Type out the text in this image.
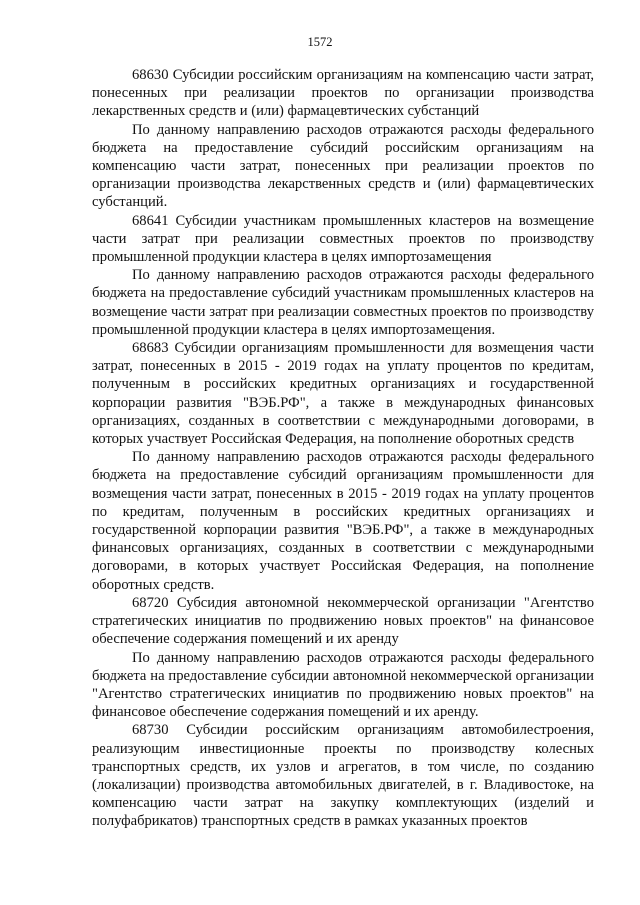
1572

68630 Субсидии российским организациям на компенсацию части затрат, понесенных при реализации проектов по организации производства лекарственных средств и (или) фармацевтических субстанций

По данному направлению расходов отражаются расходы федерального бюджета на предоставление субсидий российским организациям на компенсацию части затрат, понесенных при реализации проектов по организации производства лекарственных средств и (или) фармацевтических субстанций.

68641 Субсидии участникам промышленных кластеров на возмещение части затрат при реализации совместных проектов по производству промышленной продукции кластера в целях импортозамещения

По данному направлению расходов отражаются расходы федерального бюджета на предоставление субсидий участникам промышленных кластеров на возмещение части затрат при реализации совместных проектов по производству промышленной продукции кластера в целях импортозамещения.

68683 Субсидии организациям промышленности для возмещения части затрат, понесенных в 2015 - 2019 годах на уплату процентов по кредитам, полученным в российских кредитных организациях и государственной корпорации развития "ВЭБ.РФ", а также в международных финансовых организациях, созданных в соответствии с международными договорами, в которых участвует Российская Федерация, на пополнение оборотных средств

По данному направлению расходов отражаются расходы федерального бюджета на предоставление субсидий организациям промышленности для возмещения части затрат, понесенных в 2015 - 2019 годах на уплату процентов по кредитам, полученным в российских кредитных организациях и государственной корпорации развития "ВЭБ.РФ", а также в международных финансовых организациях, созданных в соответствии с международными договорами, в которых участвует Российская Федерация, на пополнение оборотных средств.

68720 Субсидия автономной некоммерческой организации "Агентство стратегических инициатив по продвижению новых проектов" на финансовое обеспечение содержания помещений и их аренду

По данному направлению расходов отражаются расходы федерального бюджета на предоставление субсидии автономной некоммерческой организации "Агентство стратегических инициатив по продвижению новых проектов" на финансовое обеспечение содержания помещений и их аренду.

68730 Субсидии российским организациям автомобилестроения, реализующим инвестиционные проекты по производству колесных транспортных средств, их узлов и агрегатов, в том числе, по созданию (локализации) производства автомобильных двигателей, в г. Владивостоке, на компенсацию части затрат на закупку комплектующих (изделий и полуфабрикатов) транспортных средств в рамках указанных проектов
